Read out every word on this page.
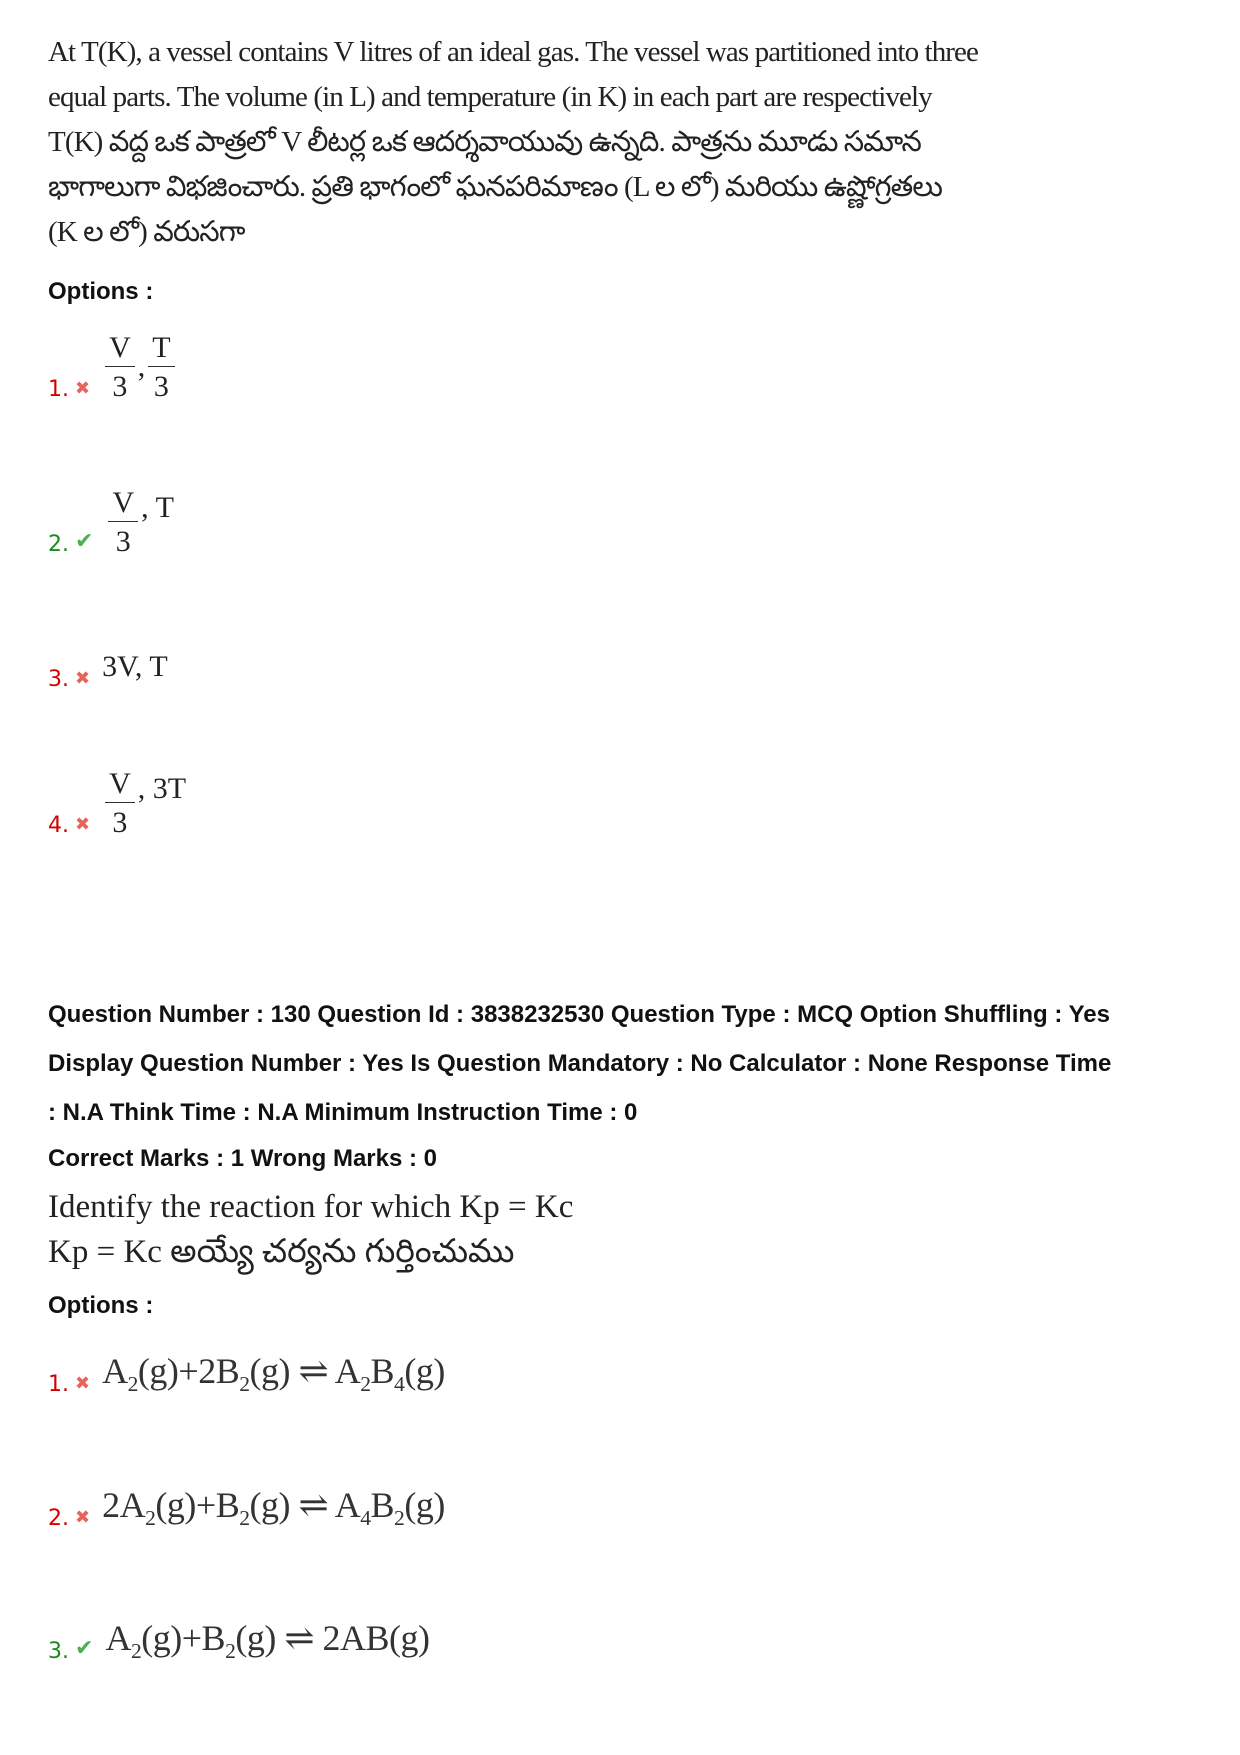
At T(K), a vessel contains V litres of an ideal gas. The vessel was partitioned into three
equal parts. The volume (in L) and temperature (in K) in each part are respectively
T(K) వద్ద ఒక పాత్రలో V లీటర్ల ఒక ఆదర్శవాయువు ఉన్నది. పాత్రను మూడు సమాన
భాగాలుగా విభజించారు. ప్రతి భాగంలో ఘనపరిమాణం (L ల లో) మరియు ఉష్ణోగ్రతలు
(K ల లో) వరుసగా
Options :
1. ✖ $\frac{V}{3}$ , $\frac{T}{3}$
2. ✔ $\frac{V}{3}$ , T
3. ✖ 3V, T
4. ✖ $\frac{V}{3}$ , 3T
Question Number : 130 Question Id : 3838232530 Question Type : MCQ Option Shuffling : Yes
Display Question Number : Yes Is Question Mandatory : No Calculator : None Response Time
: N.A Think Time : N.A Minimum Instruction Time : 0
Correct Marks : 1 Wrong Marks : 0
Identify the reaction for which Kp = Kc
Kp = Kc అయ్యే చర్యను గుర్తించుము
Options :
1. ✖ $A_2(g)+2B_2(g)$ ⇌ $A_2B_4(g)$
2. ✖ $2A_2(g)+B_2(g)$ ⇌ $A_4B_2(g)$
3. ✔ $A_2(g)+B_2(g)$ ⇌ 2AB(g)
